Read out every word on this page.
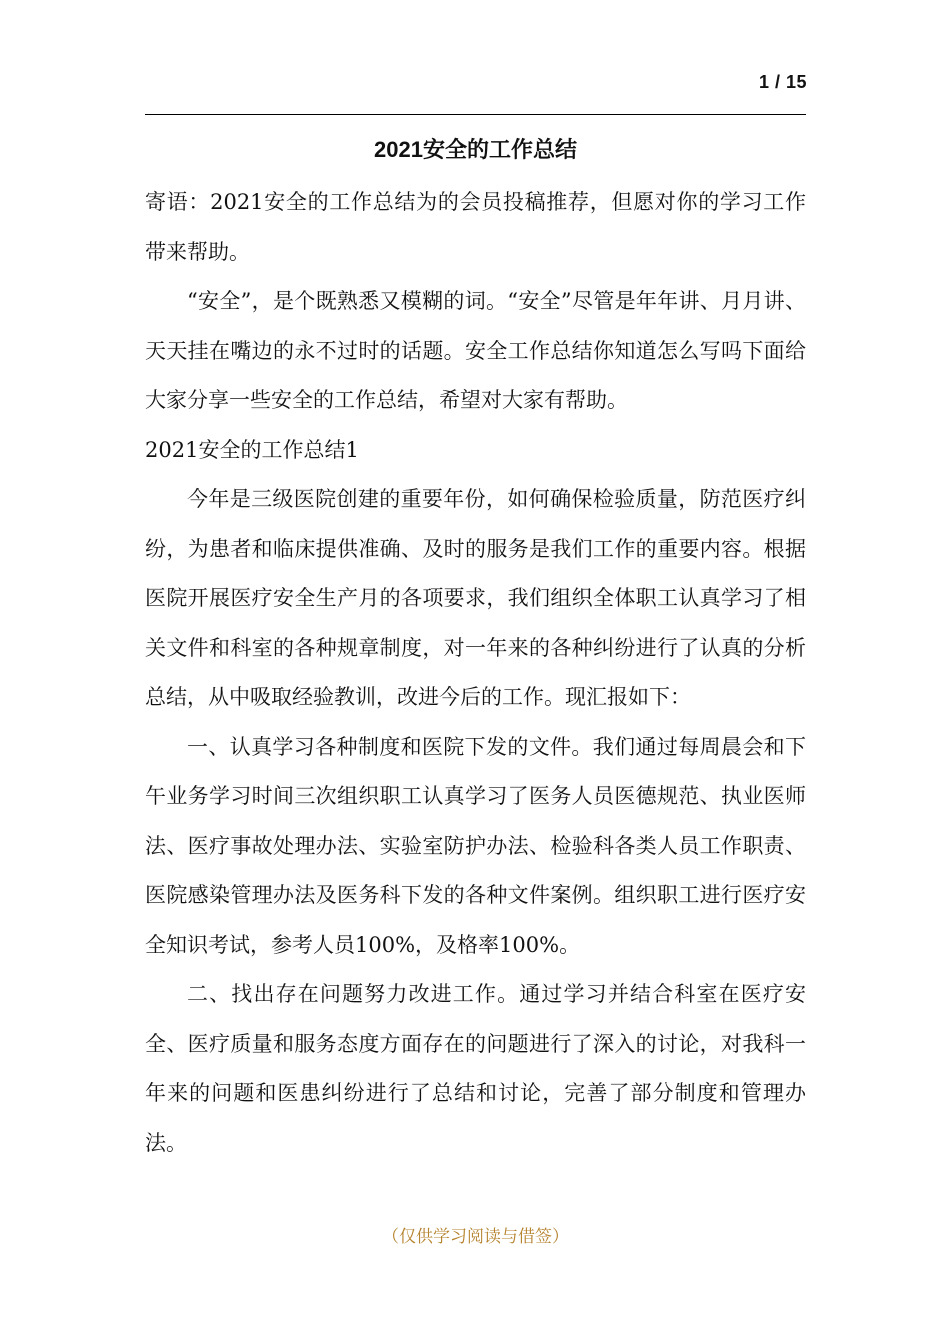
1 / 15
2021安全的工作总结

寄语：2021安全的工作总结为的会员投稿推荐，但愿对你的学习工作带来帮助。

“安全”，是个既熟悉又模糊的词。“安全”尽管是年年讲、月月讲、天天挂在嘴边的永不过时的话题。安全工作总结你知道怎么写吗下面给大家分享一些安全的工作总结，希望对大家有帮助。

2021安全的工作总结1

今年是三级医院创建的重要年份，如何确保检验质量，防范医疗纠纷，为患者和临床提供准确、及时的服务是我们工作的重要内容。根据医院开展医疗安全生产月的各项要求，我们组织全体职工认真学习了相关文件和科室的各种规章制度，对一年来的各种纠纷进行了认真的分析总结，从中吸取经验教训，改进今后的工作。现汇报如下：

一、认真学习各种制度和医院下发的文件。我们通过每周晨会和下午业务学习时间三次组织职工认真学习了医务人员医德规范、执业医师法、医疗事故处理办法、实验室防护办法、检验科各类人员工作职责、医院感染管理办法及医务科下发的各种文件案例。组织职工进行医疗安全知识考试，参考人员100%，及格率100%。

二、找出存在问题努力改进工作。通过学习并结合科室在医疗安全、医疗质量和服务态度方面存在的问题进行了深入的讨论，对我科一年来的问题和医患纠纷进行了总结和讨论，完善了部分制度和管理办法。

（仅供学习阅读与借签）
